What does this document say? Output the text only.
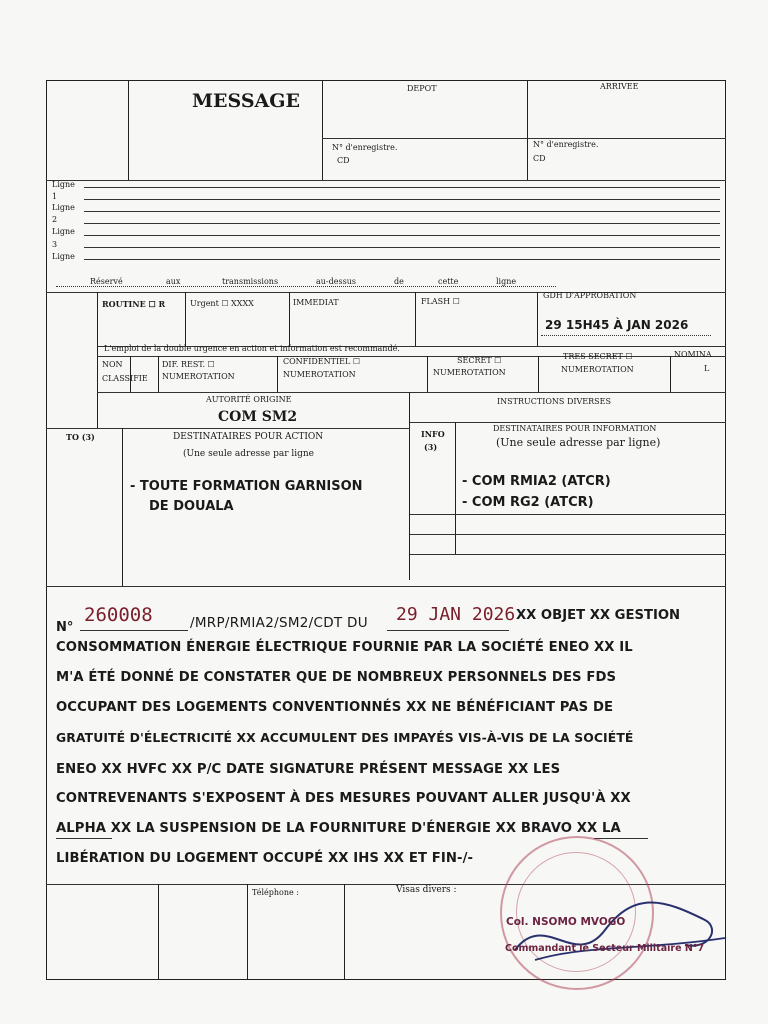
MESSAGE
DEPOT	ARRIVEE
N° d'enregistre.
CD
N° d'enregistre.
CD
Ligne
1
Ligne
2
Ligne
3
Ligne
Réservé	aux	transmissions	au-dessus	de	cette	ligne
ROUTINE ☐ R	Urgent ☐ XXXX	IMMEDIAT	FLASH ☐
GDH D'APPROBATION
29 15H45 À JAN 2026
L'emploi de la double urgence en action et information est recommandé.
NON
CLASSIFIE
DIF. REST. ☐
NUMEROTATION
CONFIDENTIEL ☐
NUMEROTATION
SECRET ☐
NUMEROTATION
TRES SECRET ☐
NUMEROTATION
NOMINA
L
AUTORITÉ ORIGINE
COM SM2
INSTRUCTIONS DIVERSES
TO (3)	DESTINATAIRES POUR ACTION
(Une seule adresse par ligne
- TOUTE FORMATION GARNISON
DE DOUALA
INFO
(3)
DESTINATAIRES POUR INFORMATION
(Une seule adresse par ligne)
- COM RMIA2 (ATCR)
- COM RG2 (ATCR)
N°
260008	/MRP/RMIA2/SM2/CDT DU 29 JAN 2026 XX OBJET XX GESTION
CONSOMMATION ÉNERGIE ÉLECTRIQUE FOURNIE PAR LA SOCIÉTÉ ENEO XX IL
M'A ÉTÉ DONNÉ DE CONSTATER QUE DE NOMBREUX PERSONNELS DES FDS
OCCUPANT DES LOGEMENTS CONVENTIONNÉS XX NE BÉNÉFICIANT PAS DE
GRATUITÉ D'ÉLECTRICITÉ XX ACCUMULENT DES IMPAYÉS VIS-À-VIS DE LA SOCIÉTÉ
ENEO XX HVFC XX P/C DATE SIGNATURE PRÉSENT MESSAGE XX LES
CONTREVENANTS S'EXPOSENT À DES MESURES POUVANT ALLER JUSQU'À XX
ALPHA XX LA SUSPENSION DE LA FOURNITURE D'ÉNERGIE XX BRAVO XX LA
LIBÉRATION DU LOGEMENT OCCUPÉ XX IHS XX ET FIN-/-
Téléphone :	Visas divers :
Col. NSOMO MVOGO
Commandant le Secteur Militaire N°7
